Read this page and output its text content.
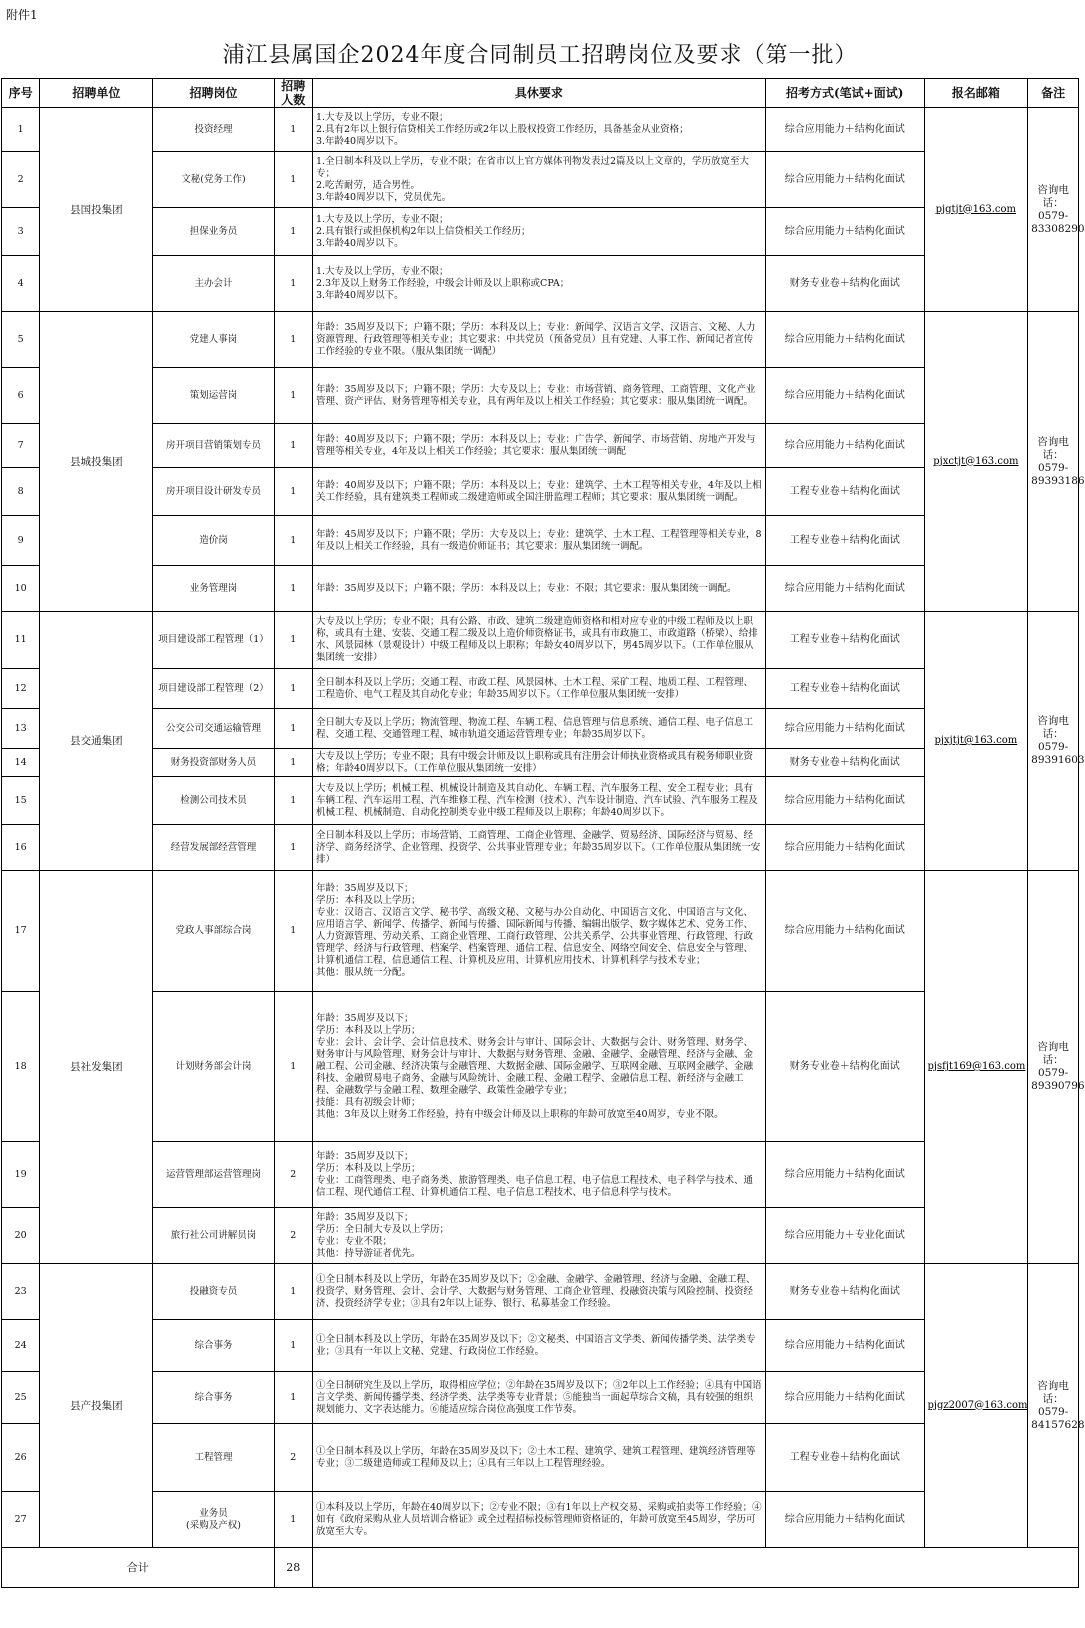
附件1
浦江县属国企2024年度合同制员工招聘岗位及要求（第一批）
序号	招聘单位	招聘岗位	招聘人数	具休要求	招考方式(笔试+面试)	报名邮箱	备注
1	县国投集团	投资经理	1	1.大专及以上学历，专业不限；
2.具有2年以上银行信贷相关工作经历或2年以上股权投资工作经历，具备基金从业资格；
3.年龄40周岁以下。	综合应用能力＋结构化面试	pjgtjt@163.com	咨询电话：0579-83308290
2		文秘(党务工作)	1	1.全日制本科及以上学历，专业不限；在省市以上官方媒体刊物发表过2篇及以上文章的，学历放宽至大专；
2.吃苦耐劳，适合男性。
3.年龄40周岁以下，党员优先。	综合应用能力＋结构化面试		
3		担保业务员	1	1.大专及以上学历，专业不限；
2.具有银行或担保机构2年以上信贷相关工作经历；
3.年龄40周岁以下。	综合应用能力＋结构化面试		
4		主办会计	1	1.大专及以上学历，专业不限；
2.3年及以上财务工作经验，中级会计师及以上职称或CPA；
3.年龄40周岁以下。	财务专业卷＋结构化面试		
5	县城投集团	党建人事岗	1	年龄：35周岁及以下；户籍不限；学历：本科及以上；专业：新闻学、汉语言文学、汉语言、文秘、人力资源管理、行政管理等相关专业；其它要求：中共党员（预备党员）且有党建、人事工作、新闻记者宣传工作经验的专业不限。（服从集团统一调配）	综合应用能力＋结构化面试	pjxctjt@163.com	咨询电话：0579-89393186
6		策划运营岗	1	年龄：35周岁及以下；户籍不限；学历：大专及以上；专业：市场营销、商务管理、工商管理、文化产业管理、资产评估、财务管理等相关专业，具有两年及以上相关工作经验；其它要求：服从集团统一调配。	综合应用能力＋结构化面试		
7		房开项目营销策划专员	1	年龄：40周岁及以下；户籍不限；学历：本科及以上；专业：广告学、新闻学、市场营销、房地产开发与管理等相关专业，4年及以上相关工作经验；其它要求：服从集团统一调配	综合应用能力＋结构化面试		
8		房开项目设计研发专员	1	年龄：40周岁及以下；户籍不限；学历：本科及以上；专业：建筑学、土木工程等相关专业，4年及以上相关工作经验，具有建筑类工程师或二级建造师或全国注册监理工程师；其它要求：服从集团统一调配。	工程专业卷＋结构化面试		
9		造价岗	1	年龄：45周岁及以下；户籍不限；学历：大专及以上；专业：建筑学、土木工程、工程管理等相关专业，8年及以上相关工作经验，具有一级造价师证书；其它要求：服从集团统一调配。	工程专业卷＋结构化面试		
10		业务管理岗	1	年龄：35周岁及以下；户籍不限；学历：本科及以上；专业：不限；其它要求：服从集团统一调配。	综合应用能力＋结构化面试		
11	县交通集团	项目建设部工程管理（1）	1	大专及以上学历；专业不限；具有公路、市政、建筑二级建造师资格和相对应专业的中级工程师及以上职称，或具有土建、安装、交通工程二级及以上造价师资格证书，或具有市政施工、市政道路（桥梁）、给排水、风景园林（景观设计）中级工程师及以上职称；年龄女40周岁以下，男45周岁以下。（工作单位服从集团统一安排）	工程专业卷＋结构化面试	pjxjtjt@163.com	咨询电话：0579-89391603
12		项目建设部工程管理（2）	1	全日制本科及以上学历；交通工程、市政工程、风景园林、土木工程、采矿工程、地质工程、工程管理、工程造价、电气工程及其自动化专业；年龄35周岁以下。（工作单位服从集团统一安排）	工程专业卷＋结构化面试		
13		公交公司交通运输管理	1	全日制大专及以上学历；物流管理、物流工程、车辆工程、信息管理与信息系统、通信工程、电子信息工程、交通工程、交通管理工程、城市轨道交通运营管理专业；年龄35周岁以下。	综合应用能力＋结构化面试		
14		财务投资部财务人员	1	大专及以上学历；专业不限；具有中级会计师及以上职称或具有注册会计师执业资格或具有税务师职业资格；年龄40周岁以下。（工作单位服从集团统一安排）	财务专业卷＋结构化面试		
15		检测公司技术员	1	大专及以上学历；机械工程、机械设计制造及其自动化、车辆工程、汽车服务工程、安全工程专业；具有车辆工程、汽车运用工程、汽车维修工程、汽车检测（技术）、汽车设计制造、汽车试验、汽车服务工程及机械工程、机械制造、自动化控制类专业中级工程师及以上职称；年龄40周岁以下。	综合应用能力＋结构化面试		
16		经营发展部经营管理	1	全日制本科及以上学历；市场营销、工商管理、工商企业管理、金融学、贸易经济、国际经济与贸易、经济学、商务经济学、企业管理、投资学、公共事业管理专业；年龄35周岁以下。（工作单位服从集团统一安排）	综合应用能力＋结构化面试		
17	县社发集团	党政人事部综合岗	1	年龄：35周岁及以下；
学历：本科及以上学历；
专业：汉语言、汉语言文学、秘书学、高级文秘、文秘与办公自动化、中国语言文化、中国语言与文化、应用语言学、新闻学、传播学、新闻与传播、国际新闻与传播、编辑出版学、数字媒体艺术、党务工作、人力资源管理、劳动关系、工商企业管理、工商行政管理、公共关系学、公共事业管理、行政管理、行政管理学、经济与行政管理、档案学、档案管理、通信工程、信息安全、网络空间安全、信息安全与管理、计算机通信工程、信息通信工程、计算机及应用、计算机应用技术、计算机科学与技术专业；
其他：服从统一分配。	综合应用能力＋结构化面试	pjsfjt169@163.com	咨询电话：0579-89390796
18		计划财务部会计岗	1	年龄：35周岁及以下；
学历：本科及以上学历；
专业：会计、会计学、会计信息技术、财务会计与审计、国际会计、大数据与会计、财务管理、财务学、财务审计与风险管理、财务会计与审计、大数据与财务管理、金融、金融学、金融管理、经济与金融、金融工程、公司金融、经济决策与金融管理、大数据金融、国际金融学、互联网金融、互联网金融学、金融科技、金融贸易电子商务、金融与风险统计、金融工程、金融工程学、金融信息工程、新经济与金融工程、金融数学与金融工程、数理金融学、政策性金融学专业；
技能：具有初级会计师；
其他：3年及以上财务工作经验，持有中级会计师及以上职称的年龄可放宽至40周岁，专业不限。	财务专业卷＋结构化面试		
19		运营管理部运营管理岗	2	年龄：35周岁及以下；
学历：本科及以上学历；
专业：工商管理类、电子商务类、旅游管理类、电子信息工程、电子信息工程技术、电子科学与技术、通信工程、现代通信工程、计算机通信工程、电子信息工程技术、电子信息科学与技术。	综合应用能力＋结构化面试		
20		旅行社公司讲解员岗	2	年龄：35周岁及以下；
学历：全日制大专及以上学历；
专业：专业不限；
其他：持导游证者优先。	综合应用能力＋专业化面试		
23	县产投集团	投融资专员	1	①全日制本科及以上学历，年龄在35周岁及以下；②金融、金融学、金融管理、经济与金融、金融工程、投资学、财务管理、会计、会计学、大数据与财务管理、工商企业管理、投融资决策与风险控制、投资经济、投资经济学专业；③具有2年以上证券、银行、私募基金工作经验。	财务专业卷＋结构化面试	pjgz2007@163.com	咨询电话：0579-84157628
24		综合事务	1	①全日制本科及以上学历，年龄在35周岁及以下；②文秘类、中国语言文学类、新闻传播学类、法学类专业；③具有一年以上文秘、党建、行政岗位工作经验。	综合应用能力＋结构化面试		
25		综合事务	1	①全日制研究生及以上学历，取得相应学位；②年龄在35周岁及以下；③2年以上工作经验；④具有中国语言文学类、新闻传播学类、经济学类、法学类等专业背景；⑤能独当一面起草综合文稿，具有较强的组织规划能力、文字表达能力。⑥能适应综合岗位高强度工作节奏。	综合应用能力＋结构化面试		
26		工程管理	2	①全日制本科及以上学历，年龄在35周岁及以下；②土木工程、建筑学、建筑工程管理、建筑经济管理等专业；③二级建造师或工程师及以上；④具有三年以上工程管理经验。	工程专业卷＋结构化面试		
27		业务员
(采购及产权)	1	①本科及以上学历，年龄在40周岁以下；②专业不限；③有1年以上产权交易、采购或拍卖等工作经验；④如有《政府采购从业人员培训合格证》或全过程招标投标管理师资格证的，年龄可放宽至45周岁，学历可放宽至大专。	综合应用能力＋结构化面试		
合计			28				
